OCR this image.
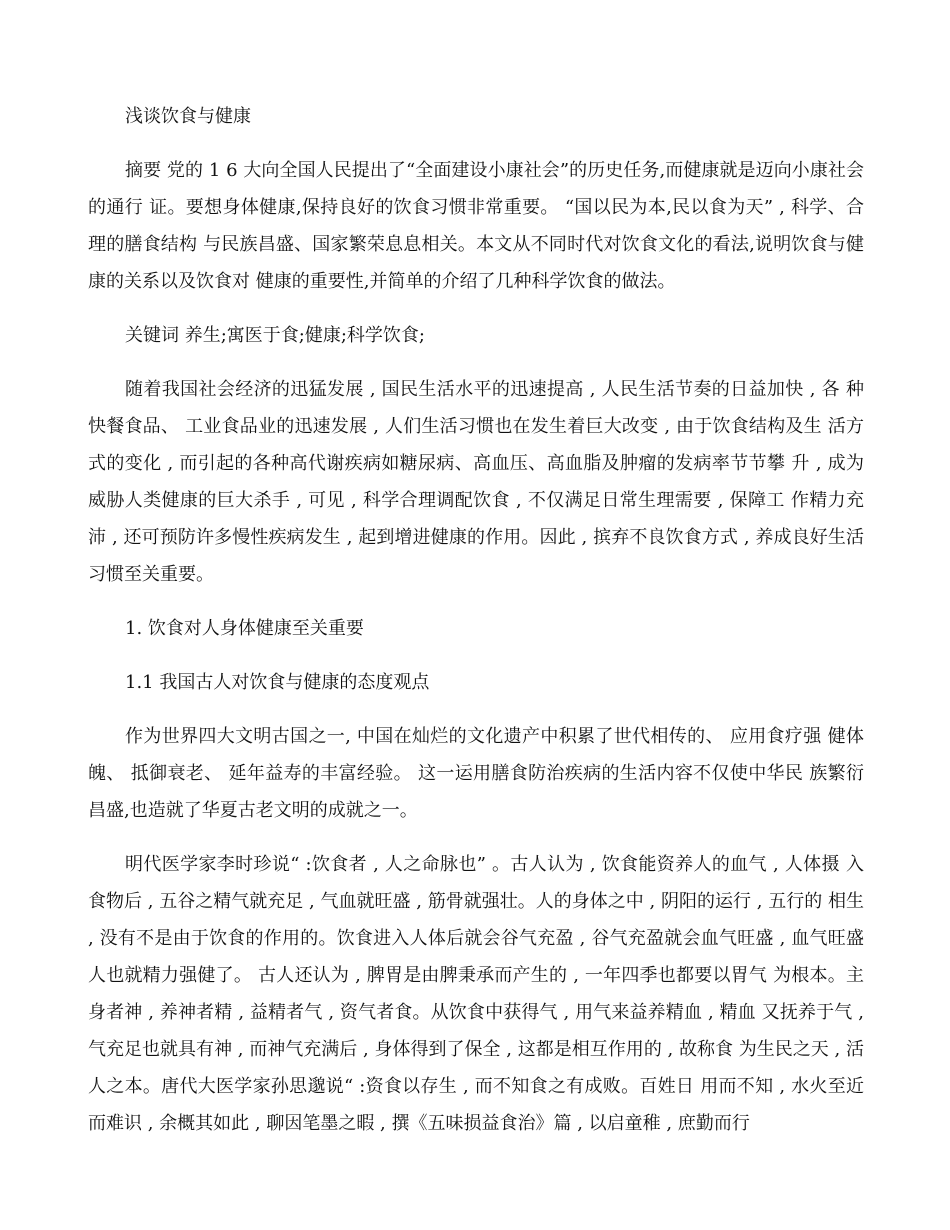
浅谈饮食与健康

摘要 党的 1 6 大向全国人民提出了“全面建设小康社会”的历史任务,而健康就是迈向小康社会的通行 证。要想身体健康,保持良好的饮食习惯非常重要。 “国以民为本,民以食为天” , 科学、合理的膳食结构 与民族昌盛、国家繁荣息息相关。本文从不同时代对饮食文化的看法,说明饮食与健康的关系以及饮食对 健康的重要性,并简单的介绍了几种科学饮食的做法。

关键词 养生;寓医于食;健康;科学饮食;

随着我国社会经济的迅猛发展 , 国民生活水平的迅速提高 , 人民生活节奏的日益加快 , 各 种快餐食品、 工业食品业的迅速发展 , 人们生活习惯也在发生着巨大改变 , 由于饮食结构及生 活方式的变化 , 而引起的各种高代谢疾病如糖尿病、高血压、高血脂及肿瘤的发病率节节攀 升 , 成为威胁人类健康的巨大杀手 , 可见 , 科学合理调配饮食 , 不仅满足日常生理需要 , 保障工 作精力充沛 , 还可预防许多慢性疾病发生 , 起到增进健康的作用。因此 , 摈弃不良饮食方式 , 养成良好生活习惯至关重要。

1. 饮食对人身体健康至关重要

1.1 我国古人对饮食与健康的态度观点

作为世界四大文明古国之一, 中国在灿烂的文化遗产中积累了世代相传的、 应用食疗强 健体魄、 抵御衰老、 延年益寿的丰富经验。 这一运用膳食防治疾病的生活内容不仅使中华民 族繁衍昌盛,也造就了华夏古老文明的成就之一。

明代医学家李时珍说“ :饮食者 , 人之命脉也” 。古人认为 , 饮食能资养人的血气 , 人体摄 入食物后 , 五谷之精气就充足 , 气血就旺盛 , 筋骨就强壮。人的身体之中 , 阴阳的运行 , 五行的 相生 , 没有不是由于饮食的作用的。饮食进入人体后就会谷气充盈 , 谷气充盈就会血气旺盛 , 血气旺盛人也就精力强健了。 古人还认为 , 脾胃是由脾秉承而产生的 , 一年四季也都要以胃气 为根本。主身者神 , 养神者精 , 益精者气 , 资气者食。从饮食中获得气 , 用气来益养精血 , 精血 又抚养于气 , 气充足也就具有神 , 而神气充满后 , 身体得到了保全 , 这都是相互作用的 , 故称食 为生民之天 , 活人之本。唐代大医学家孙思邈说“ :资食以存生 , 而不知食之有成败。百姓日 用而不知 , 水火至近而难识 , 余概其如此 , 聊因笔墨之暇 , 撰《五味损益食治》篇 , 以启童稚 , 庶勤而行
